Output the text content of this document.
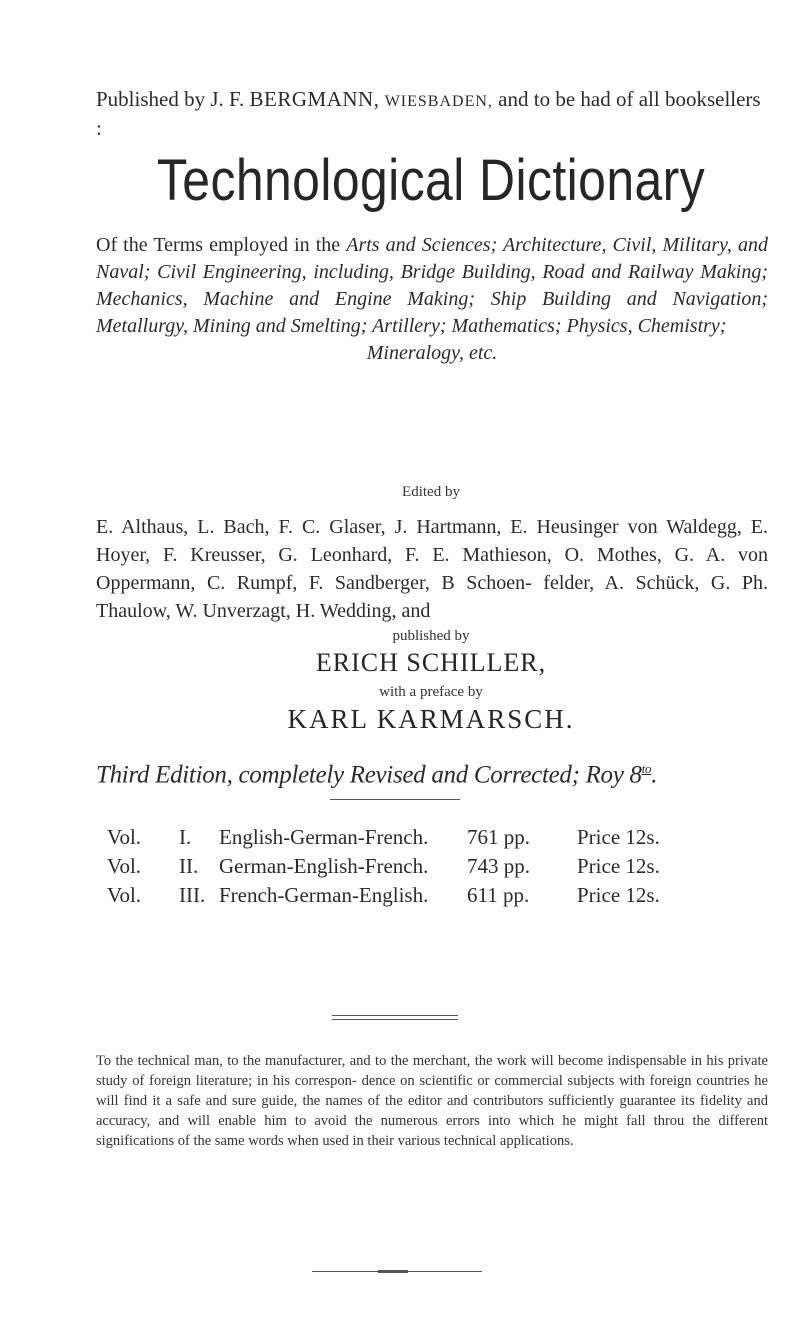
Published by J. F. BERGMANN, WIESBADEN, and to be had of all booksellers :
Technological Dictionary
Of the Terms employed in the Arts and Sciences; Architecture, Civil, Military, and Naval; Civil Engineering, including, Bridge Building, Road and Railway Making; Mechanics, Machine and Engine Making; Ship Building and Navigation; Metallurgy, Mining and Smelting; Artillery; Mathematics; Physics, Chemistry;
Mineralogy, etc.
Edited by
E. Althaus, L. Bach, F. C. Glaser, J. Hartmann, E. Heusinger von Waldegg, E. Hoyer, F. Kreusser, G. Leonhard, F. E. Mathieson, O. Mothes, G. A. von Oppermann, C. Rumpf, F. Sandberger, B Schoen- felder, A. Schück, G. Ph. Thaulow, W. Unverzagt, H. Wedding, and
published by
ERICH SCHILLER,
with a preface by
KARL KARMARSCH.
Third Edition, completely Revised and Corrected; Roy $8^{to}$.
Vol.	I.	English-German-French.	761 pp.	Price 12s.
Vol.	II. German-English-French.	743 pp.	Price 12s.
Vol.	III. French-German-English.	611 pp.	Price 12s.
To the technical man, to the manufacturer, and to the merchant, the work will become indispensable in his private study of foreign literature; in his correspon- dence on scientific or commercial subjects with foreign countries he will find it a safe and sure guide, the names of the editor and contributors sufficiently guarantee its fidelity and accuracy, and will enable him to avoid the numerous errors into which he might fall throu the different significations of the same words when used in their various technical applications.
